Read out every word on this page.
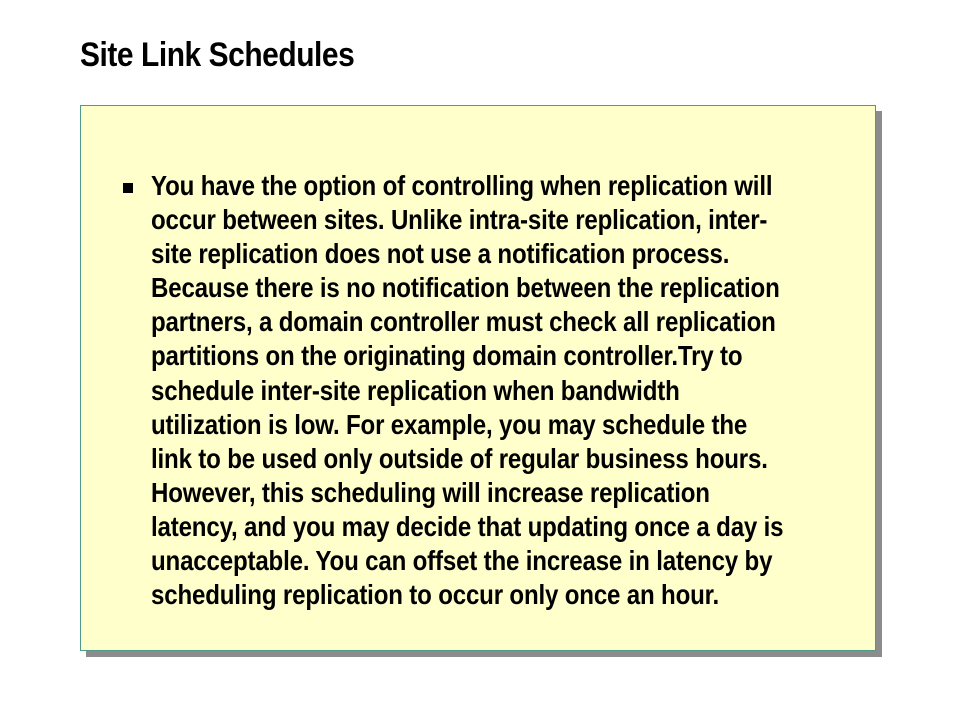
Site Link Schedules
You have the option of controlling when replication will
occur between sites. Unlike intra-site replication, inter-
site replication does not use a notification process.
Because there is no notification between the replication
partners, a domain controller must check all replication
partitions on the originating domain controller.Try to
schedule inter-site replication when bandwidth
utilization is low. For example, you may schedule the
link to be used only outside of regular business hours.
However, this scheduling will increase replication
latency, and you may decide that updating once a day is
unacceptable. You can offset the increase in latency by
scheduling replication to occur only once an hour.
